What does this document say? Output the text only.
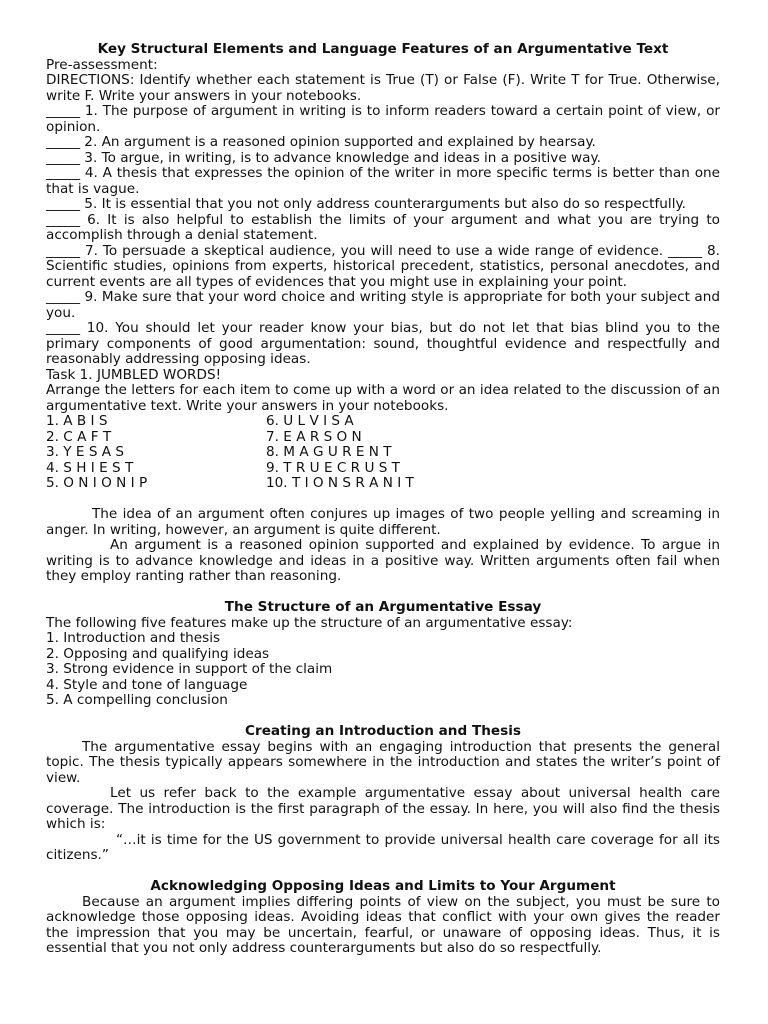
Key Structural Elements and Language Features of an Argumentative Text

Pre-assessment:

DIRECTIONS: Identify whether each statement is True (T) or False (F). Write T for True. Otherwise, write F. Write your answers in your notebooks.

_____ 1. The purpose of argument in writing is to inform readers toward a certain point of view, or opinion.

_____ 2. An argument is a reasoned opinion supported and explained by hearsay.

_____ 3. To argue, in writing, is to advance knowledge and ideas in a positive way.

_____ 4. A thesis that expresses the opinion of the writer in more specific terms is better than one that is vague.

_____ 5. It is essential that you not only address counterarguments but also do so respectfully.

_____ 6. It is also helpful to establish the limits of your argument and what you are trying to accomplish through a denial statement.

_____ 7. To persuade a skeptical audience, you will need to use a wide range of evidence. _____ 8. Scientific studies, opinions from experts, historical precedent, statistics, personal anecdotes, and current events are all types of evidences that you might use in explaining your point.

_____ 9. Make sure that your word choice and writing style is appropriate for both your subject and you.

_____ 10. You should let your reader know your bias, but do not let that bias blind you to the primary components of good argumentation: sound, thoughtful evidence and respectfully and reasonably addressing opposing ideas.

Task 1. JUMBLED WORDS!

Arrange the letters for each item to come up with a word or an idea related to the discussion of an argumentative text. Write your answers in your notebooks.

1. A B I S	6. U L V I S A
2. C A F T	7. E A R S O N
3. Y E S A S	8. M A G U R E N T
4. S H I E S T	9. T R U E C R U S T
5. O N I O N I P	10. T I O N S R A N I T

The idea of an argument often conjures up images of two people yelling and screaming in anger. In writing, however, an argument is quite different.

An argument is a reasoned opinion supported and explained by evidence. To argue in writing is to advance knowledge and ideas in a positive way. Written arguments often fail when they employ ranting rather than reasoning.

The Structure of an Argumentative Essay

The following five features make up the structure of an argumentative essay:

1. Introduction and thesis

2. Opposing and qualifying ideas

3. Strong evidence in support of the claim

4. Style and tone of language

5. A compelling conclusion

Creating an Introduction and Thesis

The argumentative essay begins with an engaging introduction that presents the general topic. The thesis typically appears somewhere in the introduction and states the writer’s point of view.

Let us refer back to the example argumentative essay about universal health care coverage. The introduction is the first paragraph of the essay. In here, you will also find the thesis which is:

“…it is time for the US government to provide universal health care coverage for all its citizens.”

Acknowledging Opposing Ideas and Limits to Your Argument

Because an argument implies differing points of view on the subject, you must be sure to acknowledge those opposing ideas. Avoiding ideas that conflict with your own gives the reader the impression that you may be uncertain, fearful, or unaware of opposing ideas. Thus, it is essential that you not only address counterarguments but also do so respectfully.
